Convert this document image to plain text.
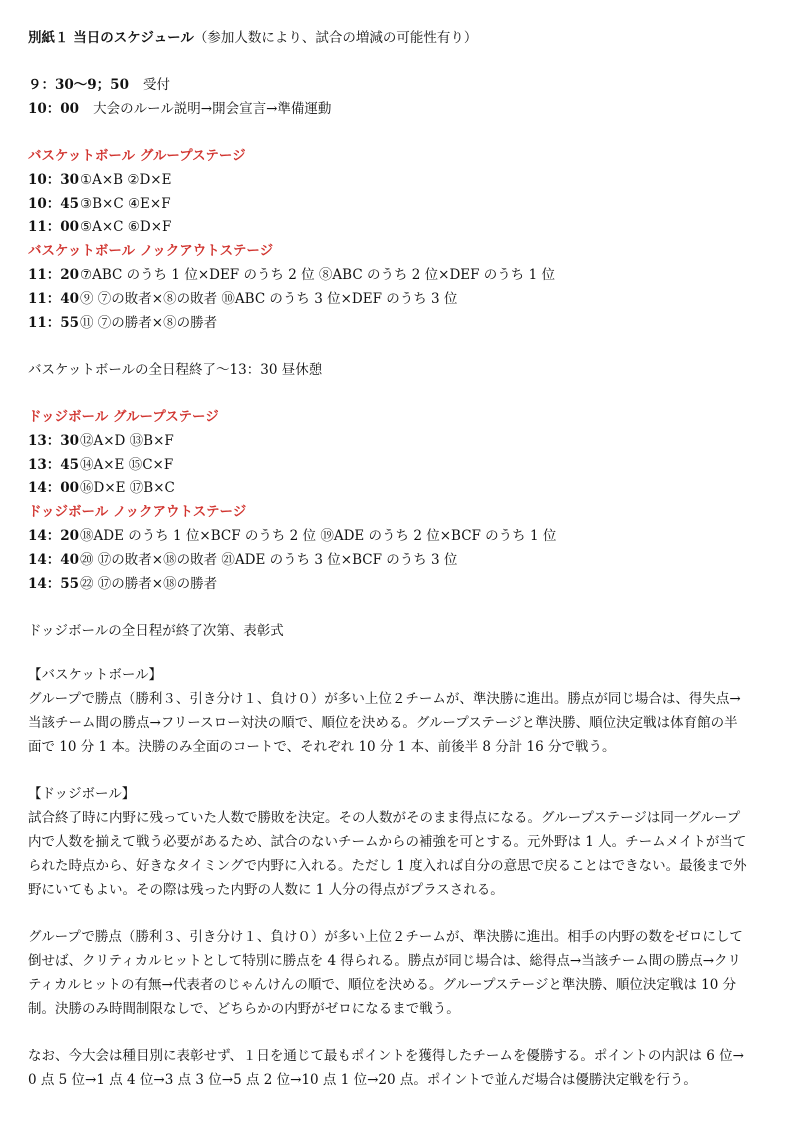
別紙１ 当日のスケジュール（参加人数により、試合の増減の可能性有り）
９：30〜9；50 受付
10：00 大会のルール説明→開会宣言→準備運動
バスケットボール グループステージ
10：30①A×B ②D×E
10：45③B×C ④E×F
11：00⑤A×C ⑥D×F
バスケットボール ノックアウトステージ
11：20⑦ABC のうち 1 位×DEF のうち 2 位 ⑧ABC のうち 2 位×DEF のうち 1 位
11：40⑨ ⑦の敗者×⑧の敗者 ⑩ABC のうち 3 位×DEF のうち 3 位
11：55⑪ ⑦の勝者×⑧の勝者
バスケットボールの全日程終了〜13：30 昼休憩
ドッジボール グループステージ
13：30⑫A×D ⑬B×F
13：45⑭A×E ⑮C×F
14：00⑯D×E ⑰B×C
ドッジボール ノックアウトステージ
14：20⑱ADE のうち 1 位×BCF のうち 2 位 ⑲ADE のうち 2 位×BCF のうち 1 位
14：40⑳ ⑰の敗者×⑱の敗者 ㉑ADE のうち 3 位×BCF のうち 3 位
14：55㉒ ⑰の勝者×⑱の勝者
ドッジボールの全日程が終了次第、表彰式
【バスケットボール】
グループで勝点（勝利３、引き分け１、負け０）が多い上位２チームが、準決勝に進出。勝点が同じ場合は、得失点→
当該チーム間の勝点→フリースロー対決の順で、順位を決める。グループステージと準決勝、順位決定戦は体育館の半
面で 10 分 1 本。決勝のみ全面のコートで、それぞれ 10 分 1 本、前後半 8 分計 16 分で戦う。
【ドッジボール】
試合終了時に内野に残っていた人数で勝敗を決定。その人数がそのまま得点になる。グループステージは同一グループ
内で人数を揃えて戦う必要があるため、試合のないチームからの補強を可とする。元外野は 1 人。チームメイトが当て
られた時点から、好きなタイミングで内野に入れる。ただし 1 度入れば自分の意思で戻ることはできない。最後まで外
野にいてもよい。その際は残った内野の人数に 1 人分の得点がプラスされる。
グループで勝点（勝利３、引き分け１、負け０）が多い上位２チームが、準決勝に進出。相手の内野の数をゼロにして
倒せば、クリティカルヒットとして特別に勝点を 4 得られる。勝点が同じ場合は、総得点→当該チーム間の勝点→クリ
ティカルヒットの有無→代表者のじゃんけんの順で、順位を決める。グループステージと準決勝、順位決定戦は 10 分
制。決勝のみ時間制限なしで、どちらかの内野がゼロになるまで戦う。
なお、今大会は種目別に表彰せず、１日を通じて最もポイントを獲得したチームを優勝する。ポイントの内訳は 6 位→
0 点 5 位→1 点 4 位→3 点 3 位→5 点 2 位→10 点 1 位→20 点。ポイントで並んだ場合は優勝決定戦を行う。
